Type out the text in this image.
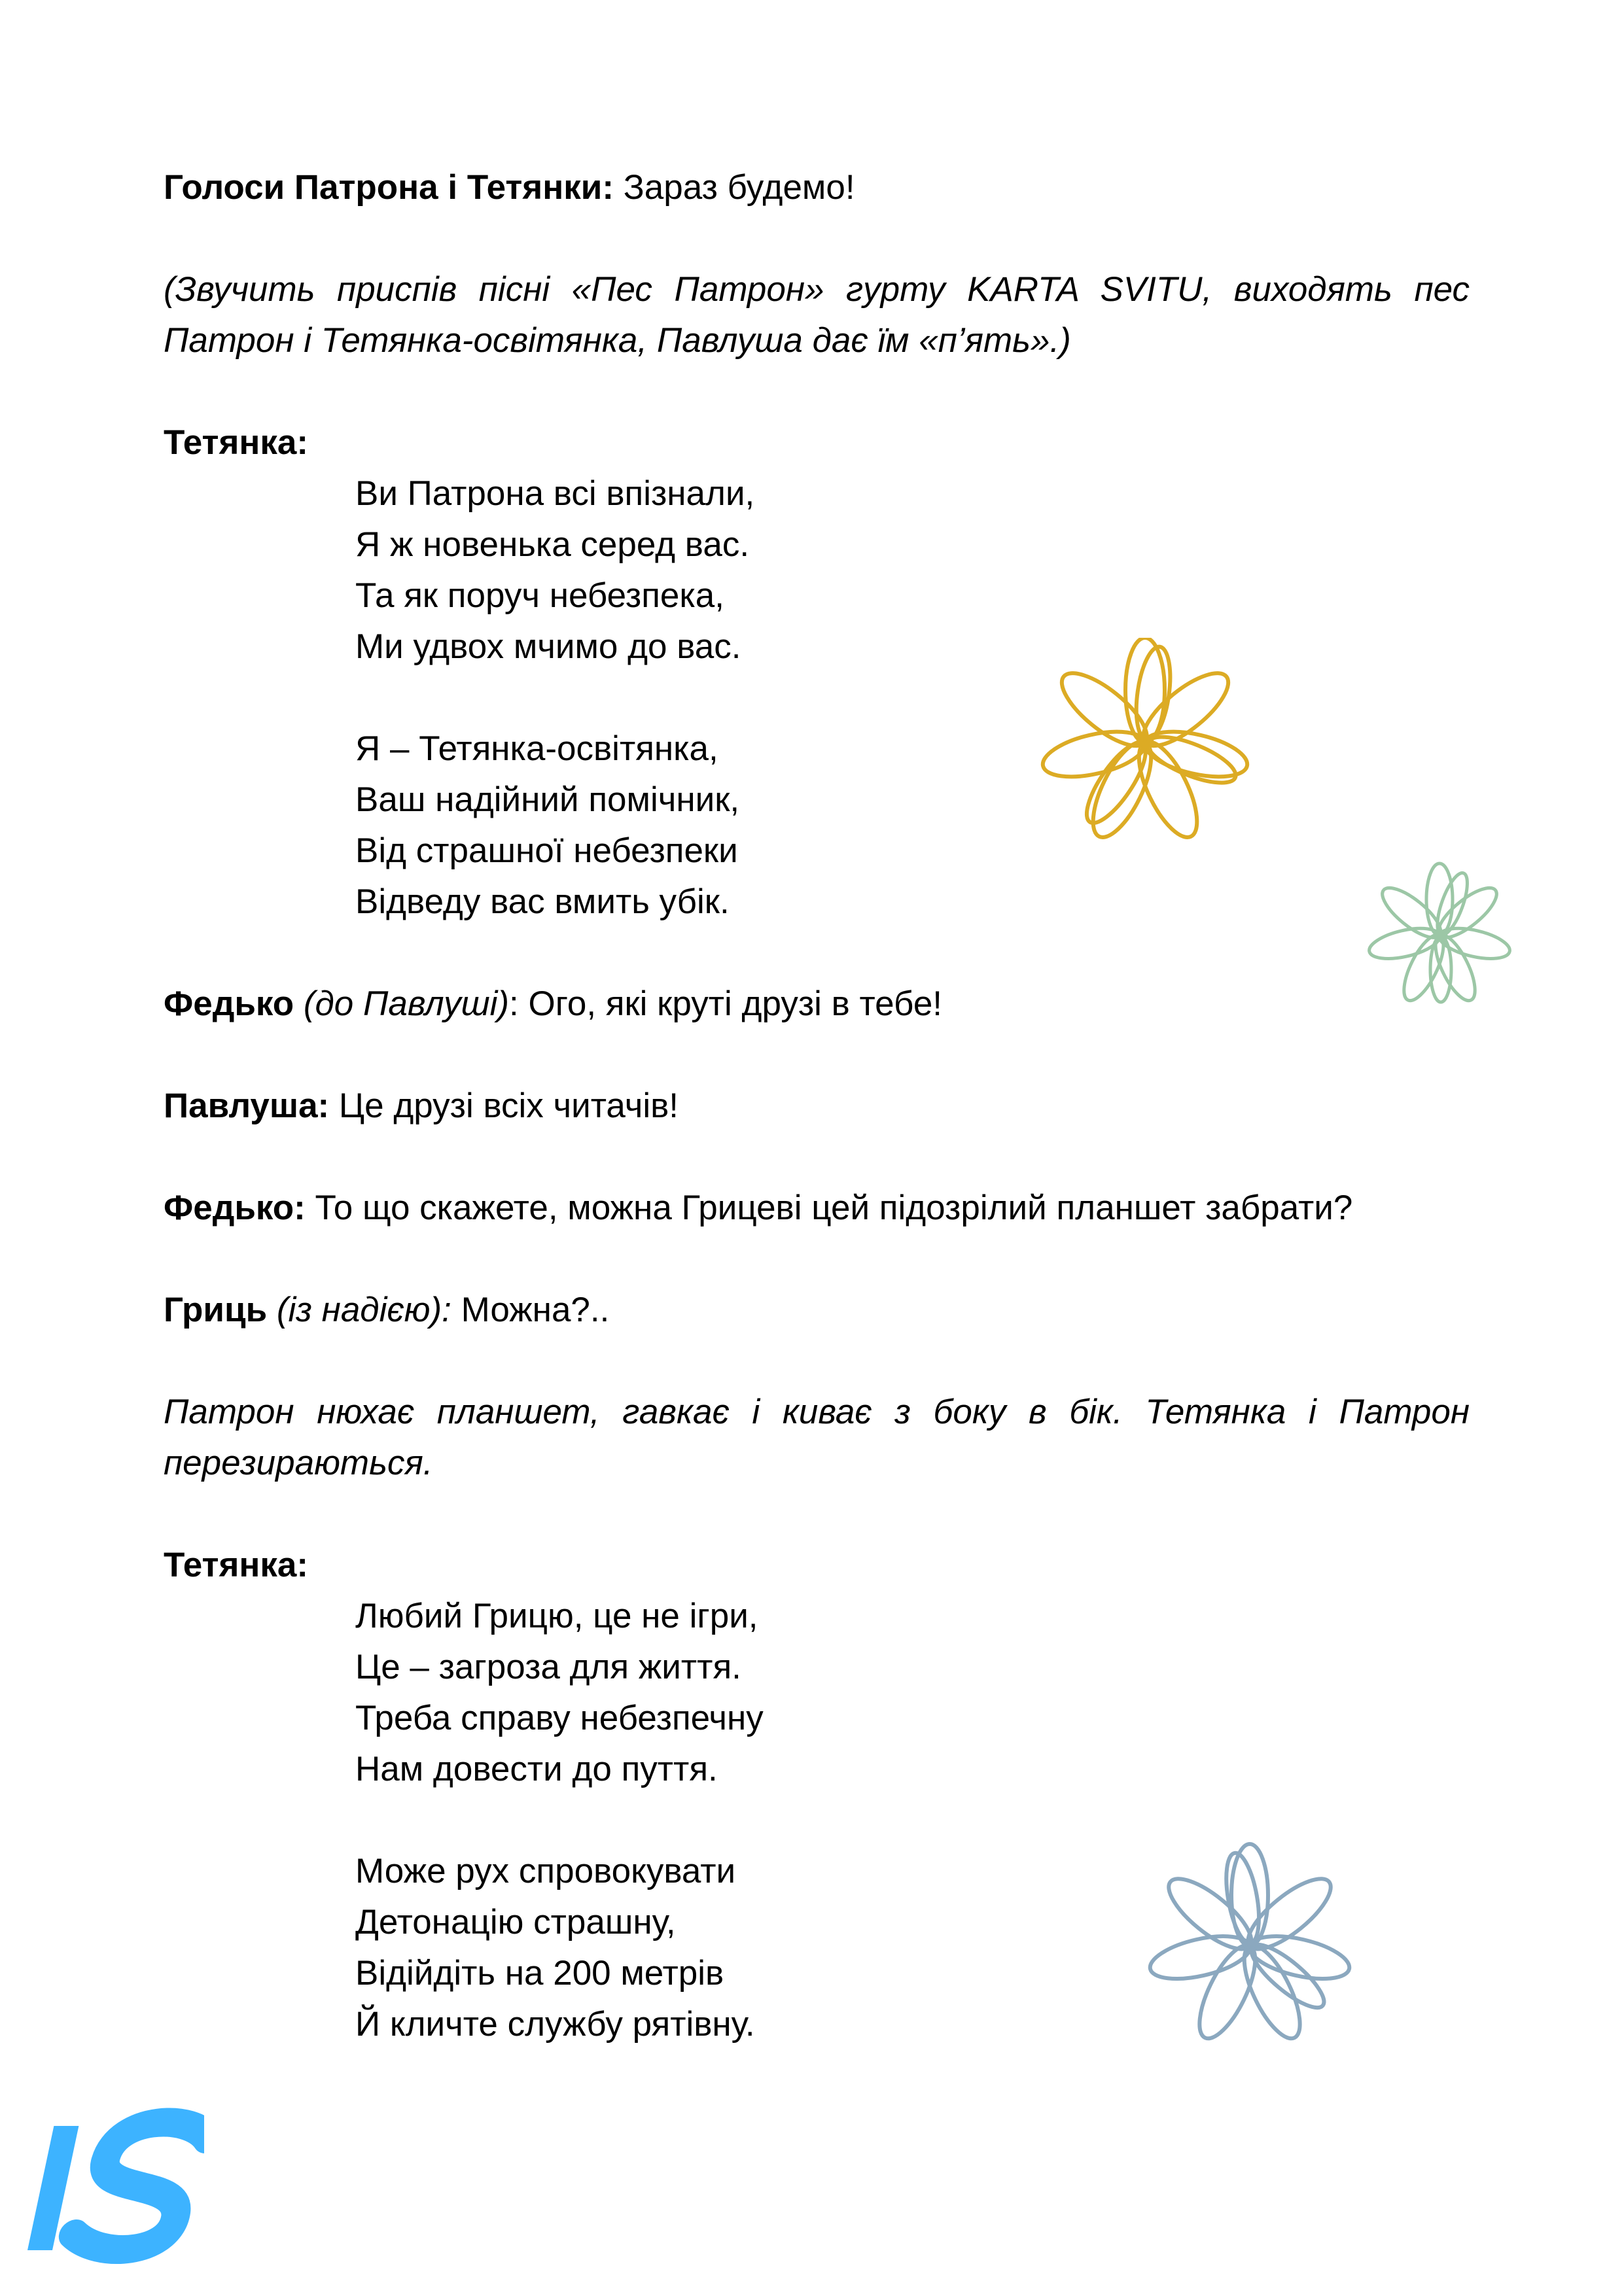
Голоси Патрона і Тетянки: Зараз будемо!

(Звучить приспів пісні «Пес Патрон» гурту KARTA SVITU, виходять пес Патрон і Тетянка-освітянка, Павлуша дає їм «п’ять».)

Тетянка:

Ви Патрона всі впізнали,
Я ж новенька серед вас.
Та як поруч небезпека,
Ми удвох мчимо до вас.
Я – Тетянка-освітянка,
Ваш надійний помічник,
Від страшної небезпеки
Відведу вас вмить убік.

Федько (до Павлуші): Ого, які круті друзі в тебе!

Павлуша: Це друзі всіх читачів!

Федько: То що скажете, можна Грицеві цей підозрілий планшет забрати?

Гриць (із надією): Можна?..

Патрон нюхає планшет, гавкає і киває з боку в бік. Тетянка і Патрон перезираються.

Тетянка:

Любий Грицю, це не ігри,
Це – загроза для життя.
Треба справу небезпечну
Нам довести до пуття.
Може рух спровокувати
Детонацію страшну,
Відійдіть на 200 метрів
Й кличте службу рятівну.
